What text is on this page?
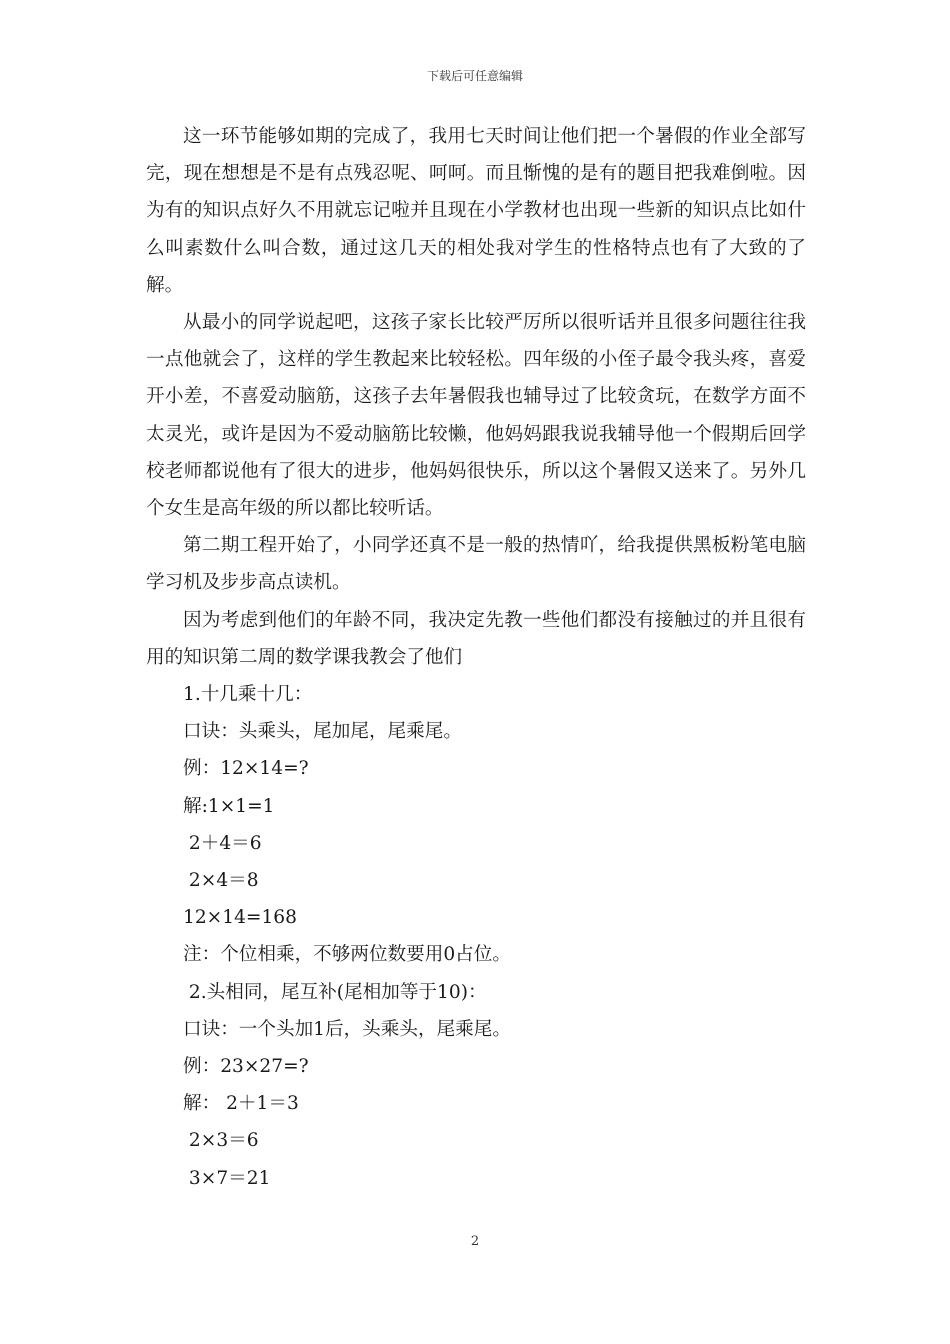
下载后可任意编辑

这一环节能够如期的完成了，我用七天时间让他们把一个暑假的作业全部写完，现在想想是不是有点残忍呢、呵呵。而且惭愧的是有的题目把我难倒啦。因为有的知识点好久不用就忘记啦并且现在小学教材也出现一些新的知识点比如什么叫素数什么叫合数，通过这几天的相处我对学生的性格特点也有了大致的了解。

从最小的同学说起吧，这孩子家长比较严厉所以很听话并且很多问题往往我一点他就会了，这样的学生教起来比较轻松。四年级的小侄子最令我头疼，喜爱开小差，不喜爱动脑筋，这孩子去年暑假我也辅导过了比较贪玩，在数学方面不太灵光，或许是因为不爱动脑筋比较懒，他妈妈跟我说我辅导他一个假期后回学校老师都说他有了很大的进步，他妈妈很快乐，所以这个暑假又送来了。另外几个女生是高年级的所以都比较听话。

第二期工程开始了，小同学还真不是一般的热情吖，给我提供黑板粉笔电脑学习机及步步高点读机。

因为考虑到他们的年龄不同，我决定先教一些他们都没有接触过的并且很有用的知识第二周的数学课我教会了他们

1.十几乘十几：

口诀：头乘头，尾加尾，尾乘尾。

例：12×14=?

解:1×1=1

2＋4＝6

2×4＝8

12×14=168

注：个位相乘，不够两位数要用0占位。

2.头相同，尾互补(尾相加等于10)：

口诀：一个头加1后，头乘头，尾乘尾。

例：23×27=?

解： 2＋1＝3

2×3＝6

3×7＝21

2
